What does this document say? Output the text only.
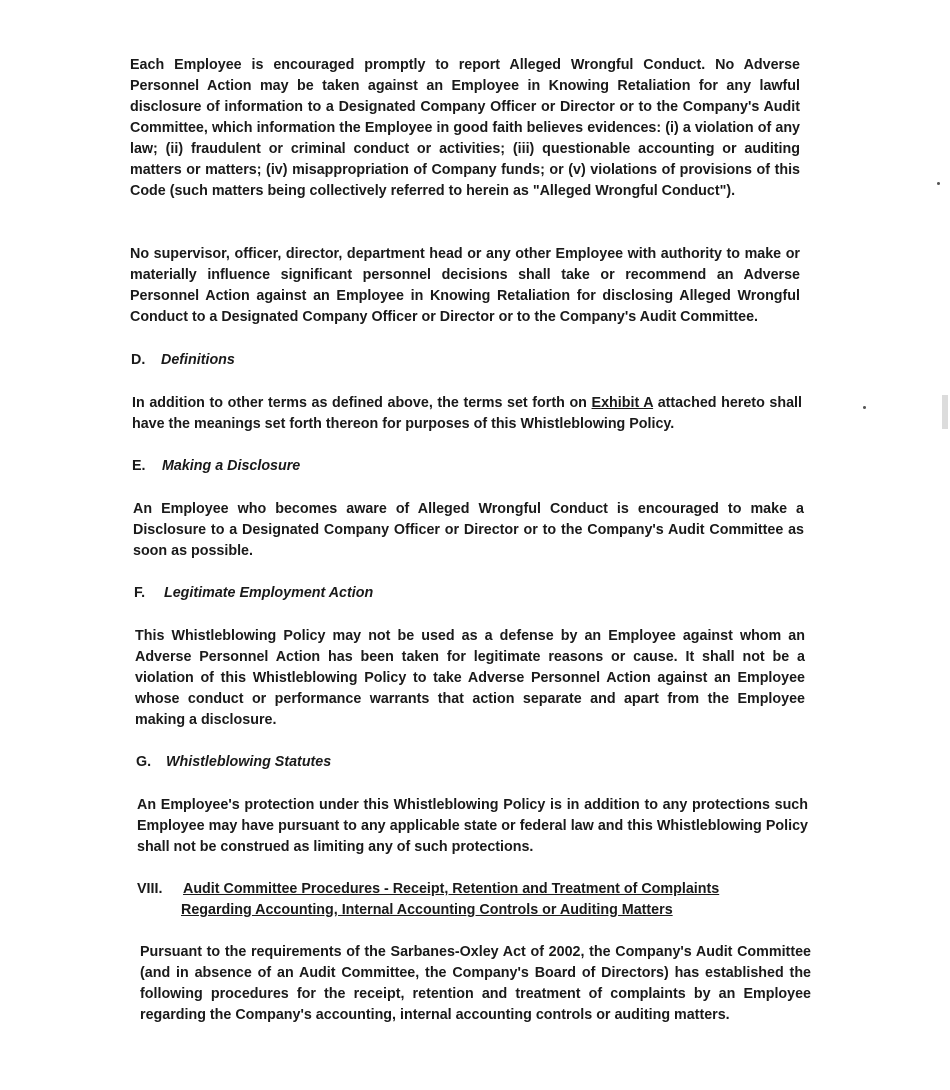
Each Employee is encouraged promptly to report Alleged Wrongful Conduct. No Adverse Personnel Action may be taken against an Employee in Knowing Retaliation for any lawful disclosure of information to a Designated Company Officer or Director or to the Company's Audit Committee, which information the Employee in good faith believes evidences: (i) a violation of any law; (ii) fraudulent or criminal conduct or activities; (iii) questionable accounting or auditing matters or matters; (iv) misappropriation of Company funds; or (v) violations of provisions of this Code (such matters being collectively referred to herein as "Alleged Wrongful Conduct").

No supervisor, officer, director, department head or any other Employee with authority to make or materially influence significant personnel decisions shall take or recommend an Adverse Personnel Action against an Employee in Knowing Retaliation for disclosing Alleged Wrongful Conduct to a Designated Company Officer or Director or to the Company's Audit Committee.

D. Definitions

In addition to other terms as defined above, the terms set forth on Exhibit A attached hereto shall have the meanings set forth thereon for purposes of this Whistleblowing Policy.

E. Making a Disclosure

An Employee who becomes aware of Alleged Wrongful Conduct is encouraged to make a Disclosure to a Designated Company Officer or Director or to the Company's Audit Committee as soon as possible.

F. Legitimate Employment Action

This Whistleblowing Policy may not be used as a defense by an Employee against whom an Adverse Personnel Action has been taken for legitimate reasons or cause. It shall not be a violation of this Whistleblowing Policy to take Adverse Personnel Action against an Employee whose conduct or performance warrants that action separate and apart from the Employee making a disclosure.

G. Whistleblowing Statutes

An Employee's protection under this Whistleblowing Policy is in addition to any protections such Employee may have pursuant to any applicable state or federal law and this Whistleblowing Policy shall not be construed as limiting any of such protections.

VIII. Audit Committee Procedures - Receipt, Retention and Treatment of Complaints
Regarding Accounting, Internal Accounting Controls or Auditing Matters

Pursuant to the requirements of the Sarbanes-Oxley Act of 2002, the Company's Audit Committee (and in absence of an Audit Committee, the Company's Board of Directors) has established the following procedures for the receipt, retention and treatment of complaints by an Employee regarding the Company's accounting, internal accounting controls or auditing matters.
